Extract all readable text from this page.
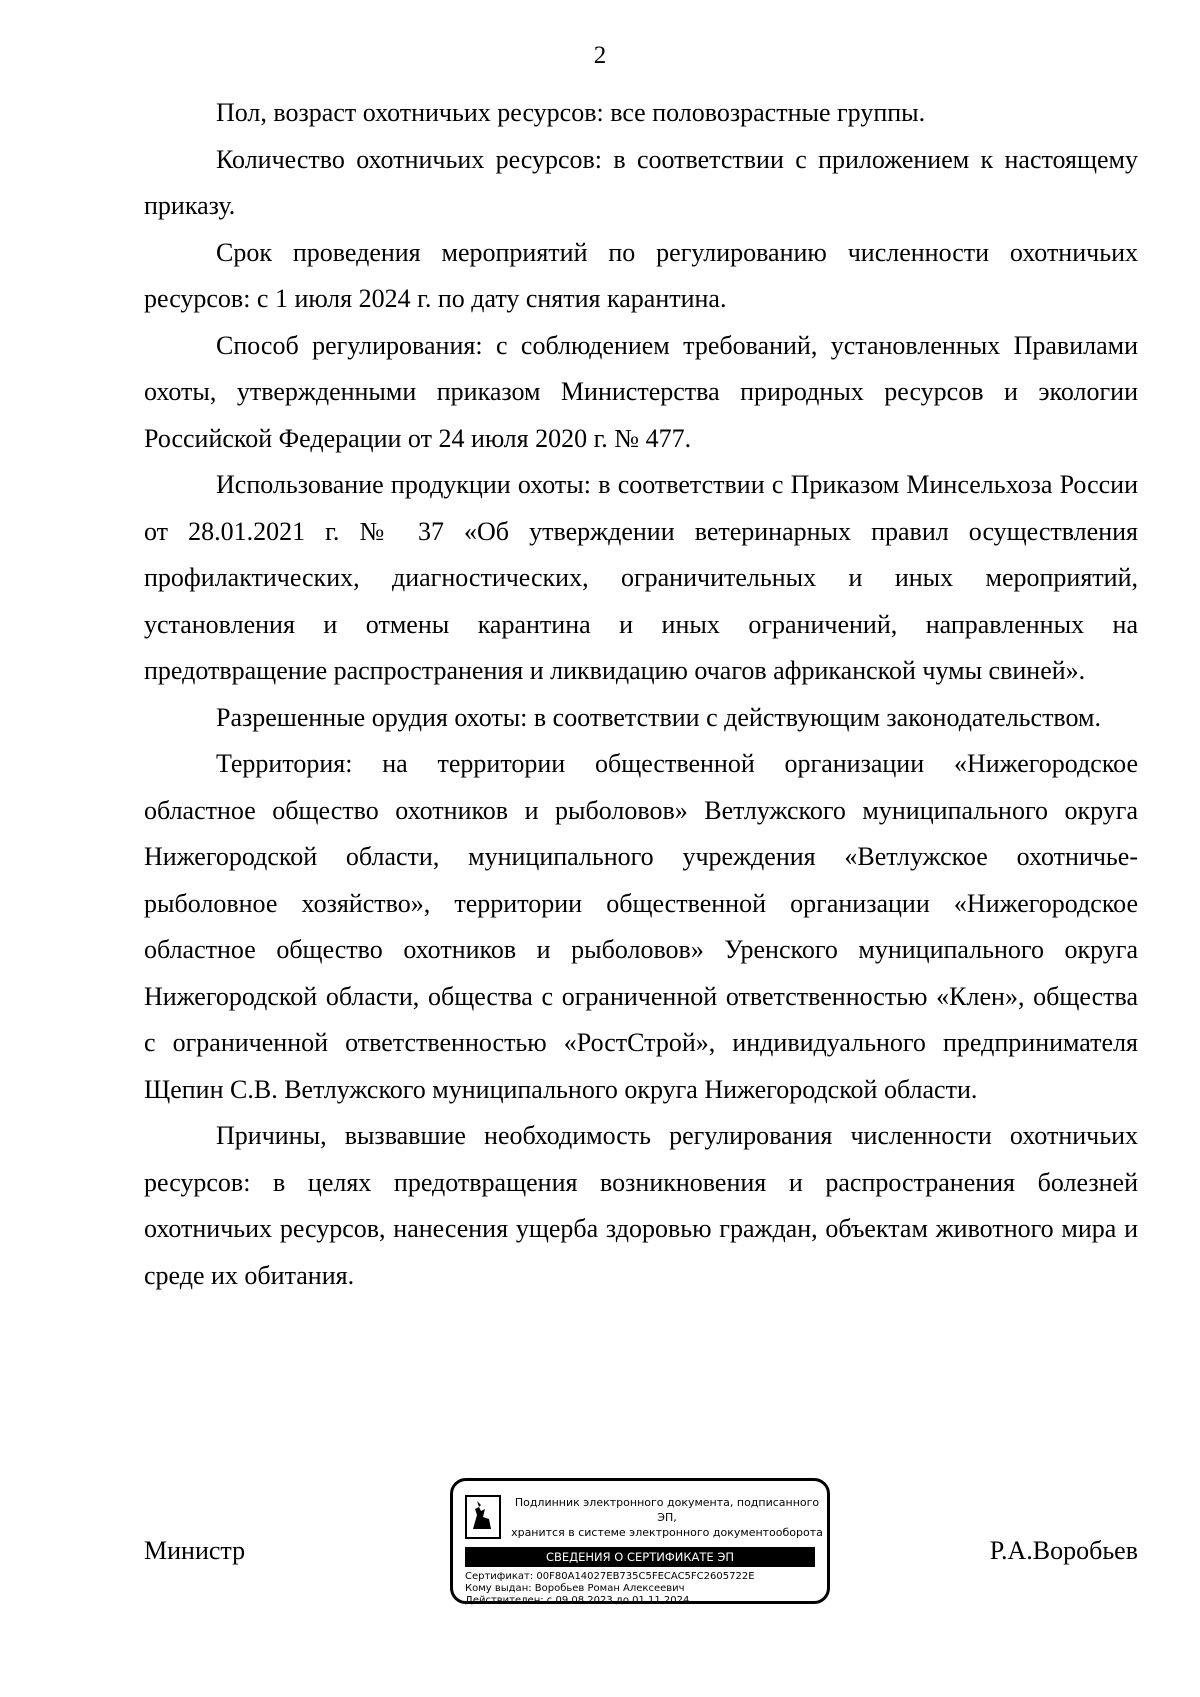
2

Пол, возраст охотничьих ресурсов: все половозрастные группы.

Количество охотничьих ресурсов: в соответствии с приложением к настоящему приказу.

Срок проведения мероприятий по регулированию численности охотничьих ресурсов: с 1 июля 2024 г. по дату снятия карантина.

Способ регулирования: с соблюдением требований, установленных Правилами охоты, утвержденными приказом Министерства природных ресурсов и экологии Российской Федерации от 24 июля 2020 г. № 477.

Использование продукции охоты: в соответствии с Приказом Минсельхоза России от 28.01.2021 г. № 37 «Об утверждении ветеринарных правил осуществления профилактических, диагностических, ограничительных и иных мероприятий, установления и отмены карантина и иных ограничений, направленных на предотвращение распространения и ликвидацию очагов африканской чумы свиней».

Разрешенные орудия охоты: в соответствии с действующим законодательством.

Территория: на территории общественной организации «Нижегородское областное общество охотников и рыболовов» Ветлужского муниципального округа Нижегородской области, муниципального учреждения «Ветлужское охотничье-рыболовное хозяйство», территории общественной организации «Нижегородское областное общество охотников и рыболовов» Уренского муниципального округа Нижегородской области, общества с ограниченной ответственностью «Клен», общества с ограниченной ответственностью «РостСтрой», индивидуального предпринимателя Щепин С.В. Ветлужского муниципального округа Нижегородской области.

Причины, вызвавшие необходимость регулирования численности охотничьих ресурсов: в целях предотвращения возникновения и распространения болезней охотничьих ресурсов, нанесения ущерба здоровью граждан, объектам животного мира и среде их обитания.

Министр
Подлинник электронного документа, подписанного ЭП,
хранится в системе электронного документооборота
СВЕДЕНИЯ О СЕРТИФИКАТЕ ЭП
Сертификат: 00F80A14027EB735C5FECAC5FC2605722E
Кому выдан: Воробьев Роман Алексеевич
Действителен: с 09.08.2023 до 01.11.2024
Р.А.Воробьев
